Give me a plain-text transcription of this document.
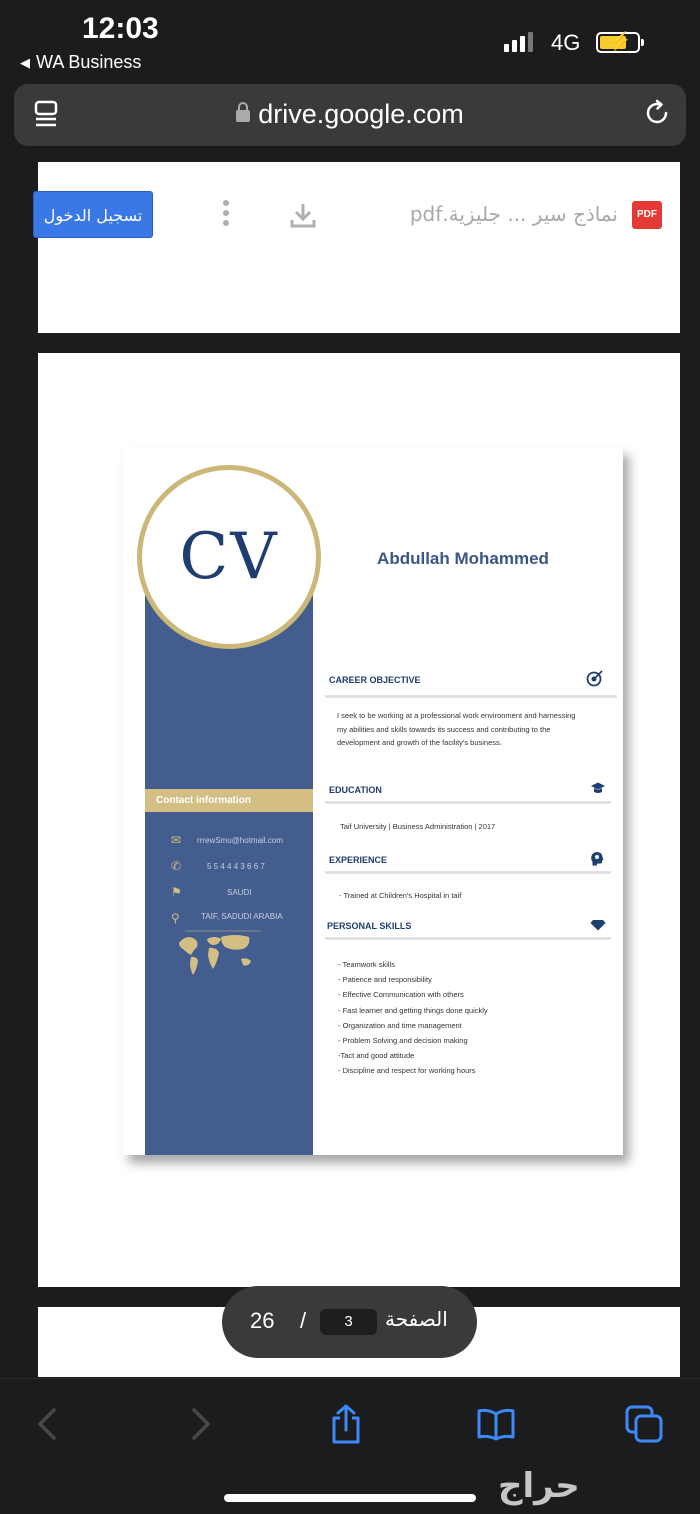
12:03
◀ WA Business
4G ⚡
drive.google.com
تسجيل الدخول	نماذج سير ... جليزية.pdf	PDF
CV	Abdullah Mohammed
Contact information
✉ rrrewSmu@hotmail.com
✆	5 5 4 4 4 3 6 6 7
⚑	SAUDI
⚲	TAIF, SADUDI ARABIA
CAREER OBJECTIVE
I seek to be working at a professional work environment and harnessing my abilities and skills towards its success and contributing to the development and growth of the facility's business.
EDUCATION
Taif University | Business Administration | 2017
EXPERIENCE
- Trained at Children's Hospital in taif
PERSONAL SKILLS
- Teamwork skills
- Patience and responsibility
- Effective Communication with others
- Fast learner and getting things done quickly
- Organization and time management
- Problem Solving and decision making
-Tact and good attitude
- Discipline and respect for working hours
26 /	3	الصفحة
حراج
